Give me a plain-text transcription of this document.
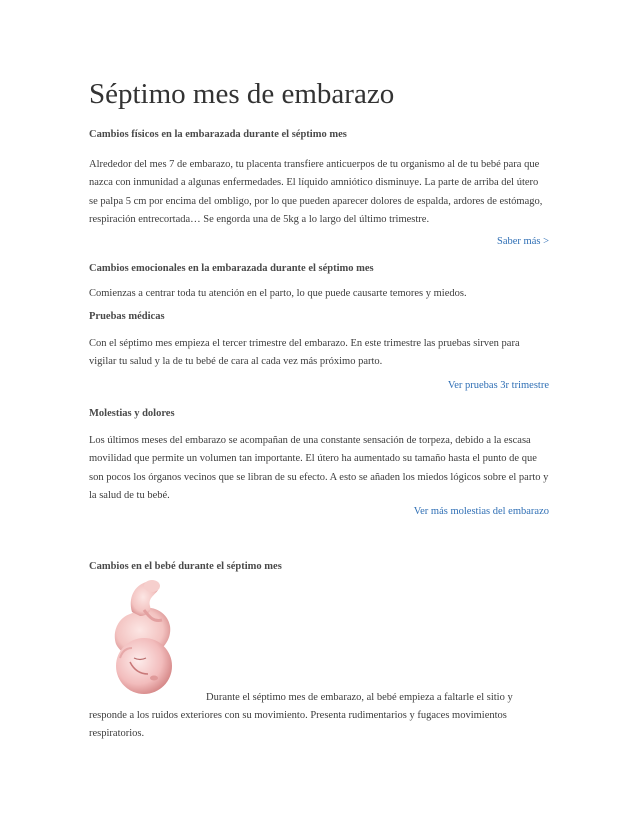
Séptimo mes de embarazo
Cambios físicos en la embarazada durante el séptimo mes
Alrededor del mes 7 de embarazo, tu placenta transfiere anticuerpos de tu organismo al de tu bebé para que nazca con inmunidad a algunas enfermedades. El líquido amniótico disminuye. La parte de arriba del útero se palpa 5 cm por encima del ombligo, por lo que pueden aparecer dolores de espalda, ardores de estómago, respiración entrecortada… Se engorda una de 5kg a lo largo del último trimestre.
Saber más >
Cambios emocionales en la embarazada durante el séptimo mes
Comienzas a centrar toda tu atención en el parto, lo que puede causarte temores y miedos.
Pruebas médicas
Con el séptimo mes empieza el tercer trimestre del embarazo. En este trimestre las pruebas sirven para vigilar tu salud y la de tu bebé de cara al cada vez más próximo parto.
Ver pruebas 3r trimestre
Molestias y dolores
Los últimos meses del embarazo se acompañan de una constante sensación de torpeza, debido a la escasa movilidad que permite un volumen tan importante. El útero ha aumentado su tamaño hasta el punto de que son pocos los órganos vecinos que se libran de su efecto. A esto se añaden los miedos lógicos sobre el parto y la salud de tu bebé.
Ver más molestias del embarazo
Cambios en el bebé durante el séptimo mes
Durante el séptimo mes de embarazo, al bebé empieza a faltarle el sitio y
responde a los ruidos exteriores con su movimiento. Presenta rudimentarios y fugaces movimientos respiratorios.
